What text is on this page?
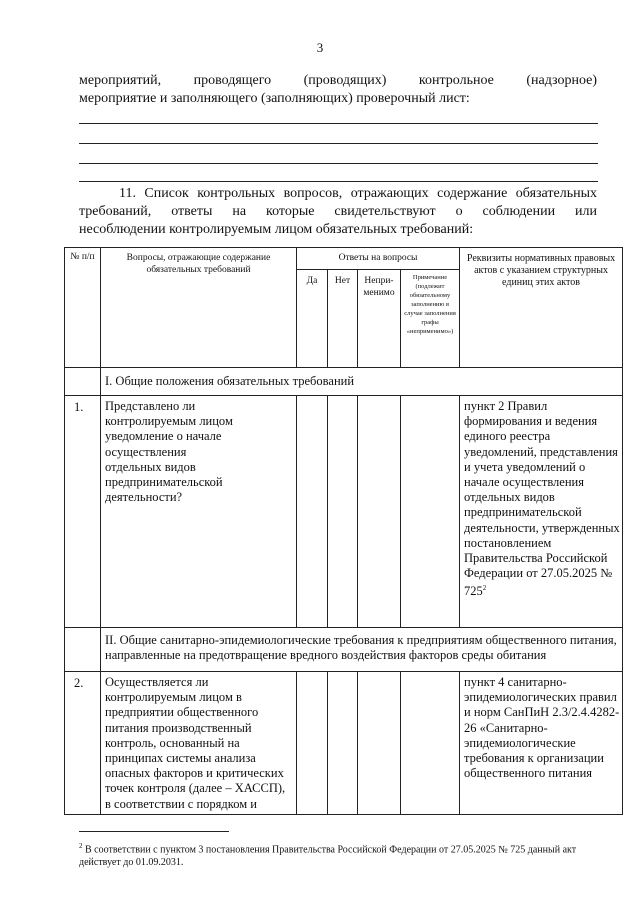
3
мероприятий, проводящего (проводящих) контрольное (надзорное)
мероприятие и заполняющего (заполняющих) проверочный лист:
11. Список контрольных вопросов, отражающих содержание обязательных
требований, ответы на которые свидетельствуют о соблюдении или
несоблюдении контролируемым лицом обязательных требований:
№ п/п	Вопросы, отражающие содержание обязательных требований	Ответы на вопросы				Реквизиты нормативных правовых актов с указанием структурных единиц этих актов

		Да	Нет	Непри-менимо	Примечание (подлежит обязательному заполнению в случае заполнения графы «неприменимо»)	

	I. Общие положения обязательных требований					

1.	Представлено ли контролируемым лицом уведомление о начале осуществления отдельных видов предпринимательской деятельности?					пункт 2 Правил формирования и ведения единого реестра уведомлений, представления и учета уведомлений о начале осуществления отдельных видов предпринимательской деятельности, утвержденных постановлением Правительства Российской Федерации от 27.05.2025 № $725^2$

	II. Общие санитарно-эпидемиологические требования к предприятиям общественного питания, направленные на предотвращение вредного воздействия факторов среды обитания					

2.	Осуществляется ли контролируемым лицом в предприятии общественного питания производственный контроль, основанный на принципах системы анализа опасных факторов и критических точек контроля (далее – ХАССП), в соответствии с порядком и					пункт 4 санитарно-эпидемиологических правил и норм СанПиН 2.3/2.4.4282-26 «Санитарно-эпидемиологические требования к организации общественного питания
$^2$ В соответствии с пунктом 3 постановления Правительства Российской Федерации от 27.05.2025 № 725 данный акт действует до 01.09.2031.
